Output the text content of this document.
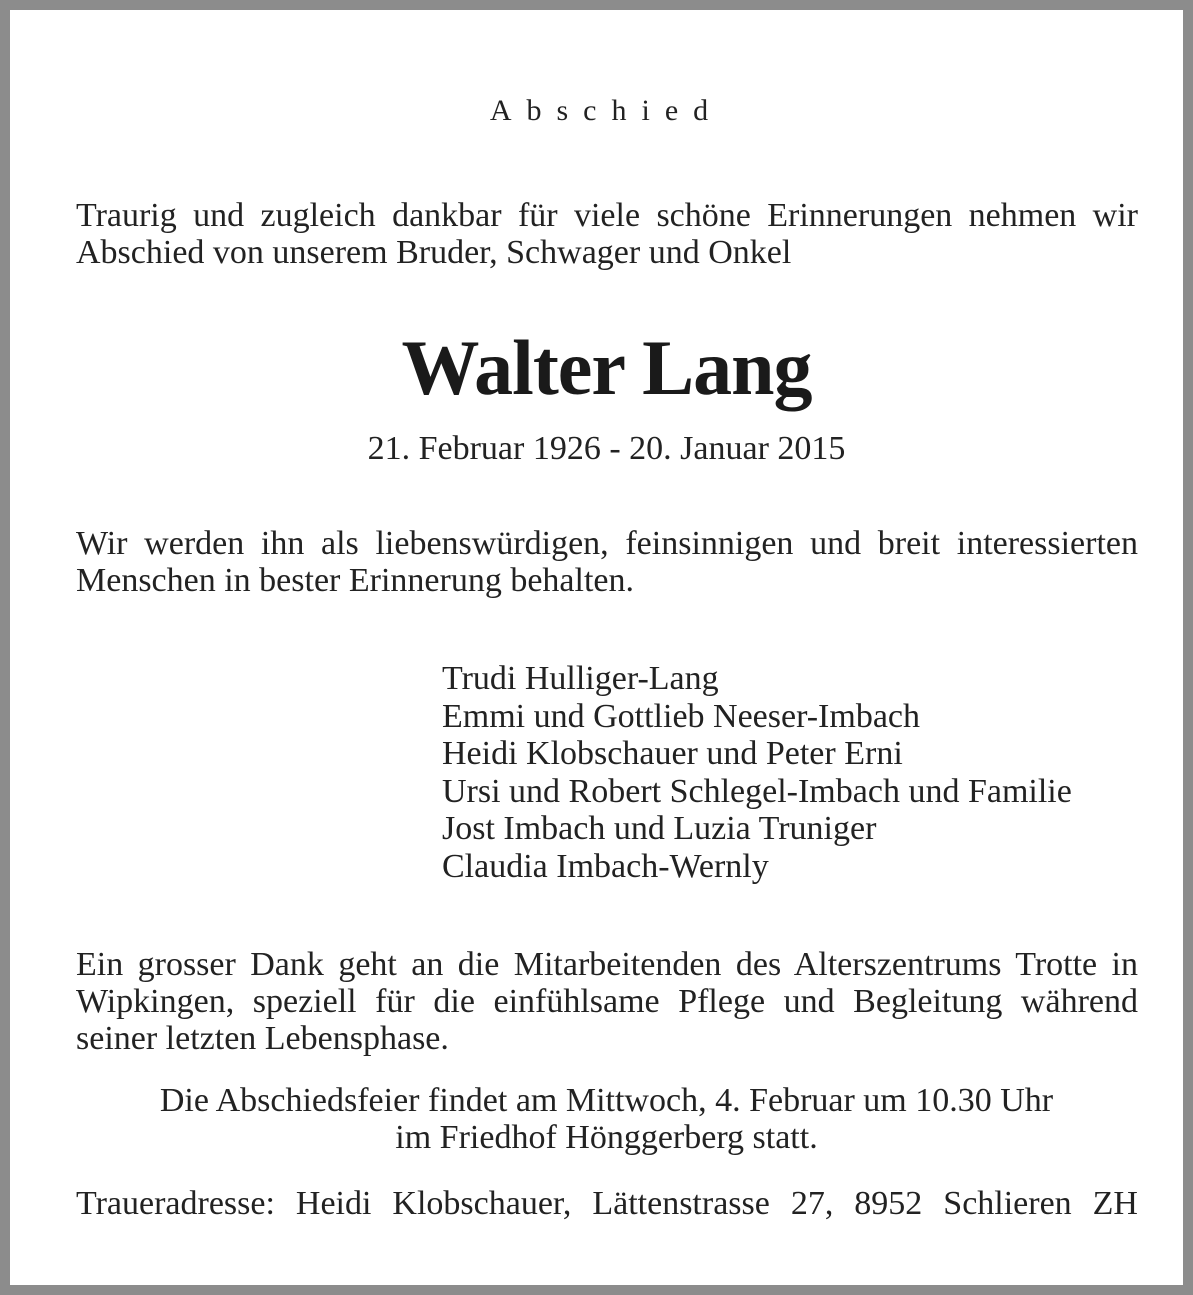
Abschied

Traurig und zugleich dankbar für viele schöne Erinnerungen nehmen wir Abschied von unserem Bruder, Schwager und Onkel

Walter Lang

21. Februar 1926 - 20. Januar 2015

Wir werden ihn als liebenswürdigen, feinsinnigen und breit interessierten Menschen in bester Erinnerung behalten.

Trudi Hulliger-Lang
Emmi und Gottlieb Neeser-Imbach
Heidi Klobschauer und Peter Erni
Ursi und Robert Schlegel-Imbach und Familie
Jost Imbach und Luzia Truniger
Claudia Imbach-Wernly

Ein grosser Dank geht an die Mitarbeitenden des Alterszentrums Trotte in Wipkingen, speziell für die einfühlsame Pflege und Begleitung während seiner letzten Lebensphase.

Die Abschiedsfeier findet am Mittwoch, 4. Februar um 10.30 Uhr
im Friedhof Hönggerberg statt.

Traueradresse: Heidi Klobschauer, Lättenstrasse 27, 8952 Schlieren ZH
